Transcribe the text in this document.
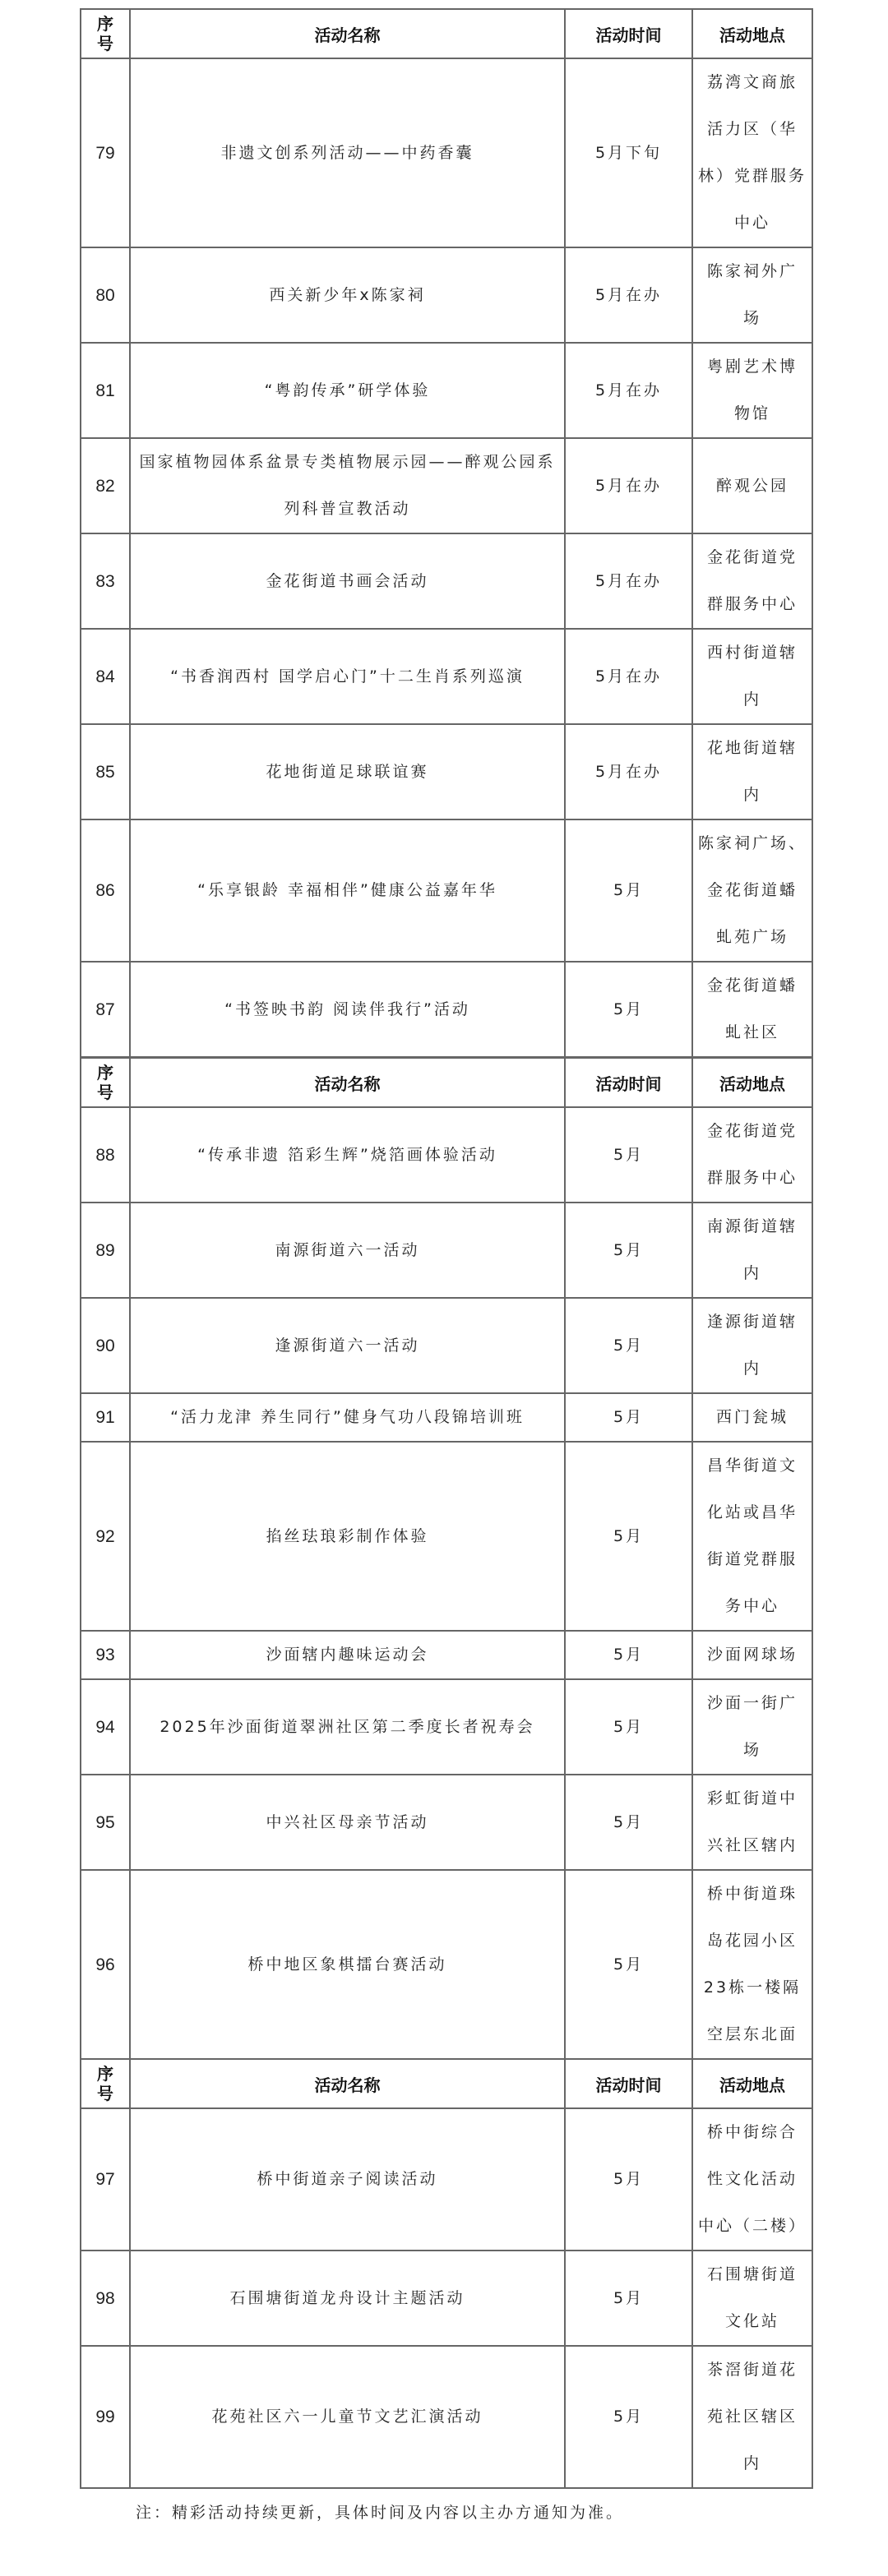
序
号	活动名称	活动时间	活动地点
79	非遗文创系列活动——中药香囊	5月下旬	荔湾文商旅
活力区（华
林）党群服务
中心
80	西关新少年x陈家祠	5月在办	陈家祠外广
场
81	“粤韵传承”研学体验	5月在办	粤剧艺术博
物馆
82	国家植物园体系盆景专类植物展示园——醉观公园系
列科普宣教活动	5月在办	醉观公园
83	金花街道书画会活动	5月在办	金花街道党
群服务中心
84	“书香润西村 国学启心门”十二生肖系列巡演	5月在办	西村街道辖
内
85	花地街道足球联谊赛	5月在办	花地街道辖
内
86	“乐享银龄 幸福相伴”健康公益嘉年华	5月	陈家祠广场、
金花街道蟠
虬苑广场
87	“书签映书韵 阅读伴我行”活动	5月	金花街道蟠
虬社区
序
号	活动名称	活动时间	活动地点
88	“传承非遗 箔彩生辉”烧箔画体验活动	5月	金花街道党
群服务中心
89	南源街道六一活动	5月	南源街道辖
内
90	逢源街道六一活动	5月	逢源街道辖
内
91	“活力龙津 养生同行”健身气功八段锦培训班	5月	西门瓮城
92	掐丝珐琅彩制作体验	5月	昌华街道文
化站或昌华
街道党群服
务中心
93	沙面辖内趣味运动会	5月	沙面网球场
94	2025年沙面街道翠洲社区第二季度长者祝寿会	5月	沙面一街广
场
95	中兴社区母亲节活动	5月	彩虹街道中
兴社区辖内
96	桥中地区象棋擂台赛活动	5月	桥中街道珠
岛花园小区
23栋一楼隔
空层东北面
序
号	活动名称	活动时间	活动地点
97	桥中街道亲子阅读活动	5月	桥中街综合
性文化活动
中心（二楼）
98	石围塘街道龙舟设计主题活动	5月	石围塘街道
文化站
99	花苑社区六一儿童节文艺汇演活动	5月	茶滘街道花
苑社区辖区
内
注：精彩活动持续更新，具体时间及内容以主办方通知为准。
